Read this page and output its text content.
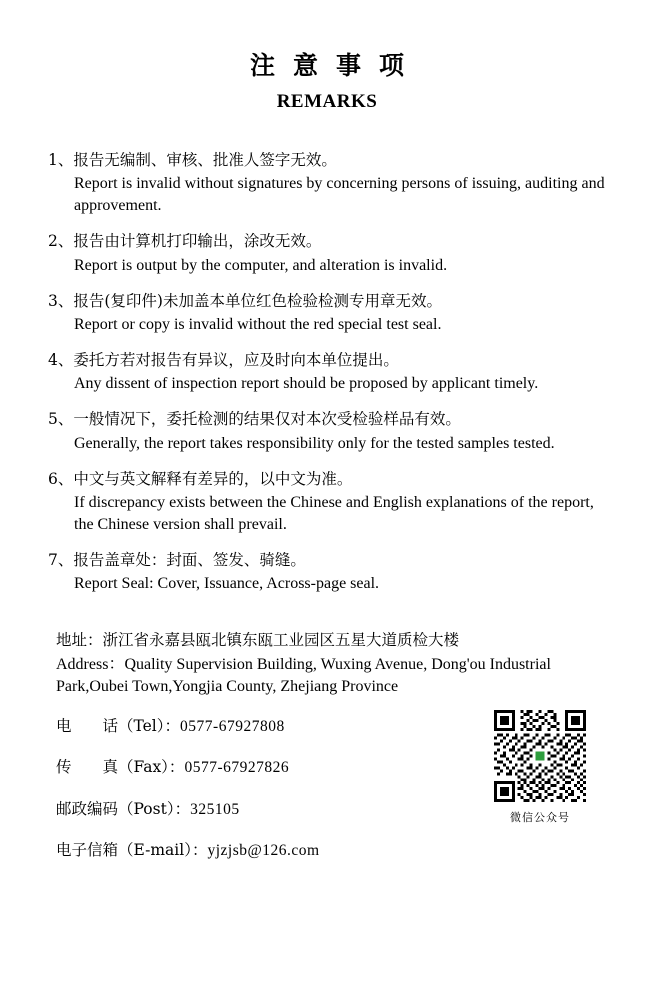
注意事项
REMARKS
1、报告无编制、审核、批准人签字无效。
Report is invalid without signatures by concerning persons of issuing, auditing and approvement.
2、报告由计算机打印输出，涂改无效。
Report is output by the computer, and alteration is invalid.
3、报告(复印件)未加盖本单位红色检验检测专用章无效。
Report or copy is invalid without the red special test seal.
4、委托方若对报告有异议，应及时向本单位提出。
Any dissent of inspection report should be proposed by applicant timely.
5、一般情况下，委托检测的结果仅对本次受检验样品有效。
Generally, the report takes responsibility only for the tested samples tested.
6、中文与英文解释有差异的，以中文为准。
If discrepancy exists between the Chinese and English explanations of the report, the Chinese version shall prevail.
7、报告盖章处：封面、签发、骑缝。
Report Seal: Cover, Issuance, Across-page seal.
地址：浙江省永嘉县瓯北镇东瓯工业园区五星大道质检大楼
Address：Quality Supervision Building, Wuxing Avenue, Dong'ou Industrial Park,Oubei Town,Yongjia County, Zhejiang Province
电　　话（Tel）：0577-67927808
传　　真（Fax）：0577-67927826
邮政编码（Post）：325105
电子信箱（E-mail）：yjzjsb@126.com
微信公众号
